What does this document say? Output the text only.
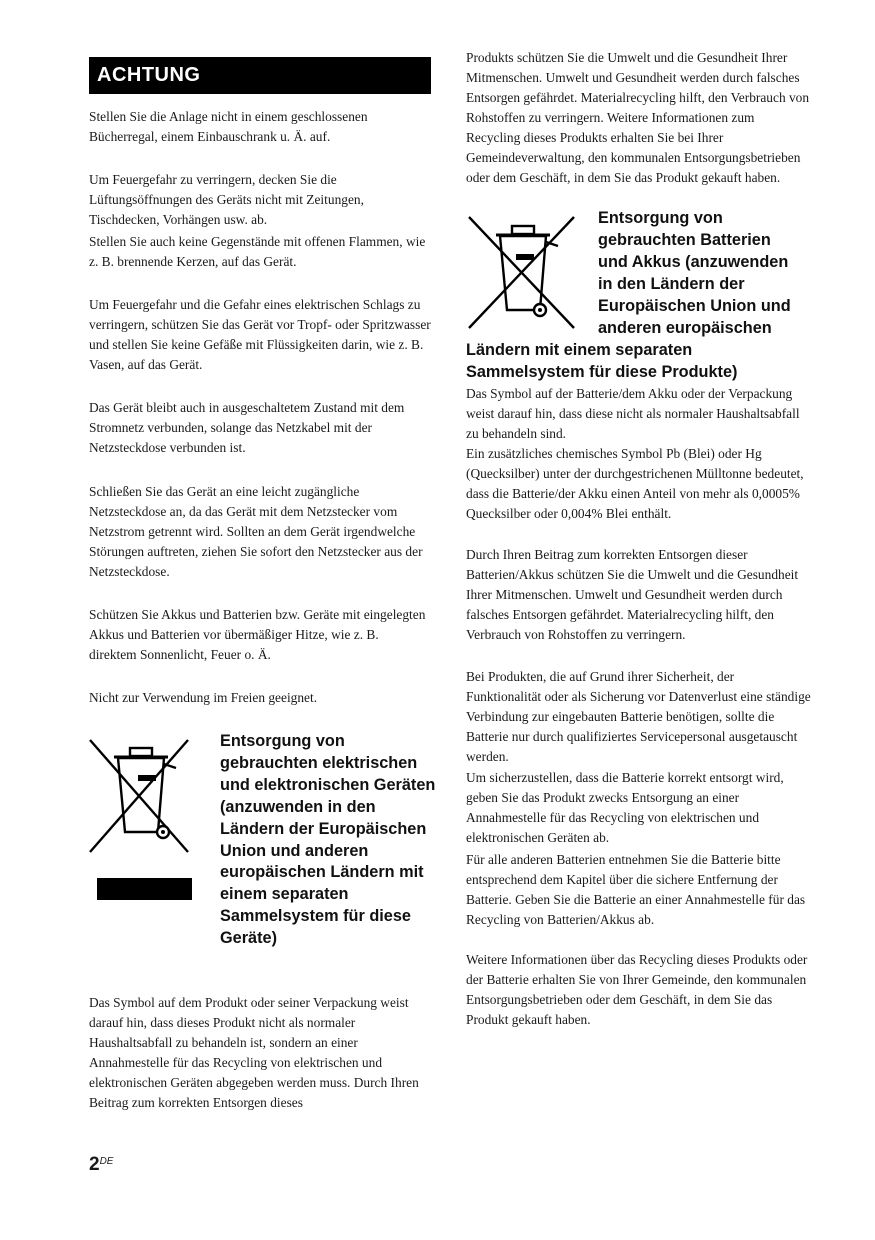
ACHTUNG

Stellen Sie die Anlage nicht in einem geschlossenen Bücherregal, einem Einbauschrank u. Ä. auf.

Um Feuergefahr zu verringern, decken Sie die Lüftungsöffnungen des Geräts nicht mit Zeitungen, Tischdecken, Vorhängen usw. ab.

Stellen Sie auch keine Gegenstände mit offenen Flammen, wie z. B. brennende Kerzen, auf das Gerät.

Um Feuergefahr und die Gefahr eines elektrischen Schlags zu verringern, schützen Sie das Gerät vor Tropf- oder Spritzwasser und stellen Sie keine Gefäße mit Flüssigkeiten darin, wie z. B. Vasen, auf das Gerät.

Das Gerät bleibt auch in ausgeschaltetem Zustand mit dem Stromnetz verbunden, solange das Netzkabel mit der Netzsteckdose verbunden ist.

Schließen Sie das Gerät an eine leicht zugängliche Netzsteckdose an, da das Gerät mit dem Netzstecker vom Netzstrom getrennt wird. Sollten an dem Gerät irgendwelche Störungen auftreten, ziehen Sie sofort den Netzstecker aus der Netzsteckdose.

Schützen Sie Akkus und Batterien bzw. Geräte mit eingelegten Akkus und Batterien vor übermäßiger Hitze, wie z. B. direktem Sonnenlicht, Feuer o. Ä.

Nicht zur Verwendung im Freien geeignet.

Entsorgung von gebrauchten elektrischen und elektronischen Geräten (anzuwenden in den Ländern der Europäischen Union und anderen europäischen Ländern mit einem separaten Sammelsystem für diese Geräte)

Das Symbol auf dem Produkt oder seiner Verpackung weist darauf hin, dass dieses Produkt nicht als normaler Haushaltsabfall zu behandeln ist, sondern an einer Annahmestelle für das Recycling von elektrischen und elektronischen Geräten abgegeben werden muss. Durch Ihren Beitrag zum korrekten Entsorgen dieses

Produkts schützen Sie die Umwelt und die Gesundheit Ihrer Mitmenschen. Umwelt und Gesundheit werden durch falsches Entsorgen gefährdet. Materialrecycling hilft, den Verbrauch von Rohstoffen zu verringern. Weitere Informationen zum Recycling dieses Produkts erhalten Sie bei Ihrer Gemeindeverwaltung, den kommunalen Entsorgungsbetrieben oder dem Geschäft, in dem Sie das Produkt gekauft haben.

Entsorgung von
gebrauchten Batterien
und Akkus (anzuwenden
in den Ländern der
Europäischen Union und
anderen europäischen
Ländern mit einem separaten
Sammelsystem für diese Produkte)

Das Symbol auf der Batterie/dem Akku oder der Verpackung weist darauf hin, dass diese nicht als normaler Haushaltsabfall zu behandeln sind.

Ein zusätzliches chemisches Symbol Pb (Blei) oder Hg (Quecksilber) unter der durchgestrichenen Mülltonne bedeutet, dass die Batterie/der Akku einen Anteil von mehr als 0,0005% Quecksilber oder 0,004% Blei enthält.

Durch Ihren Beitrag zum korrekten Entsorgen dieser Batterien/Akkus schützen Sie die Umwelt und die Gesundheit Ihrer Mitmenschen. Umwelt und Gesundheit werden durch falsches Entsorgen gefährdet. Materialrecycling hilft, den Verbrauch von Rohstoffen zu verringern.

Bei Produkten, die auf Grund ihrer Sicherheit, der Funktionalität oder als Sicherung vor Datenverlust eine ständige Verbindung zur eingebauten Batterie benötigen, sollte die Batterie nur durch qualifiziertes Servicepersonal ausgetauscht werden.

Um sicherzustellen, dass die Batterie korrekt entsorgt wird, geben Sie das Produkt zwecks Entsorgung an einer Annahmestelle für das Recycling von elektrischen und elektronischen Geräten ab.

Für alle anderen Batterien entnehmen Sie die Batterie bitte entsprechend dem Kapitel über die sichere Entfernung der Batterie. Geben Sie die Batterie an einer Annahmestelle für das Recycling von Batterien/Akkus ab.

Weitere Informationen über das Recycling dieses Produkts oder der Batterie erhalten Sie von Ihrer Gemeinde, den kommunalen Entsorgungsbetrieben oder dem Geschäft, in dem Sie das Produkt gekauft haben.

2DE
